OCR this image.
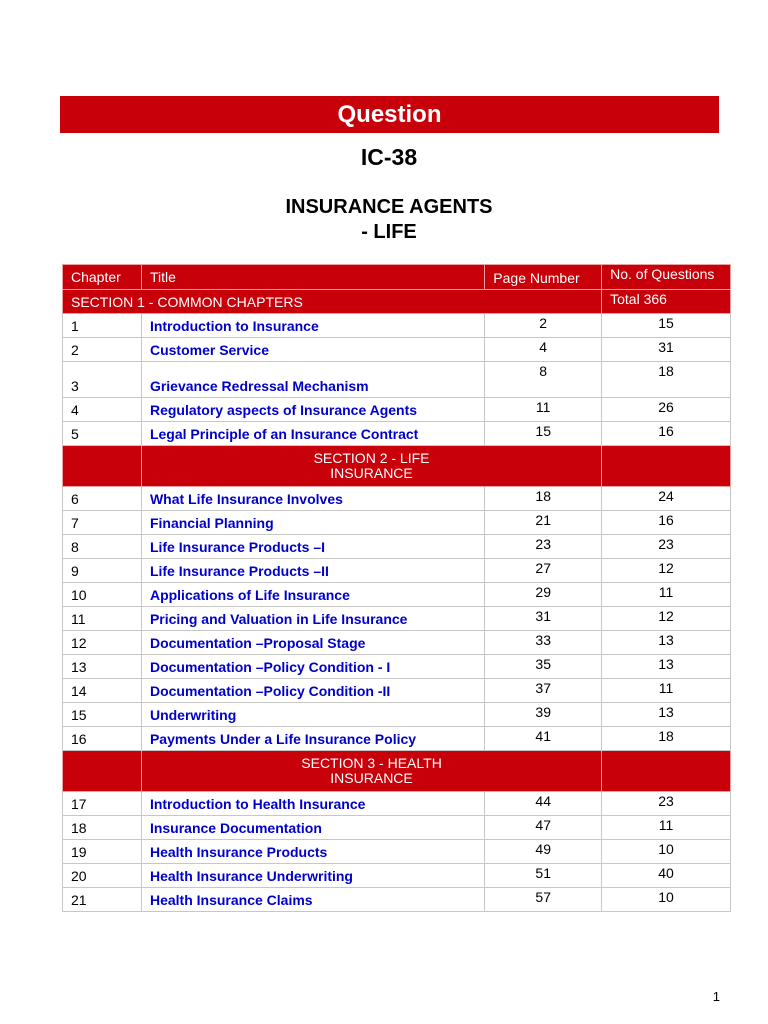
Question
IC-38
INSURANCE AGENTS
- LIFE
Chapter	Title	Page Number	No. of Questions
SECTION 1 - COMMON CHAPTERS			Total 366
1	Introduction to Insurance	2	15
2	Customer Service	4	31
3	Grievance Redressal Mechanism	8	18
4	Regulatory aspects of Insurance Agents	11	26
5	Legal Principle of an Insurance Contract	15	16

	SECTION 2 - LIFE
INSURANCE		

6	What Life Insurance Involves	18	24
7	Financial Planning	21	16
8	Life Insurance Products –I	23	23
9	Life Insurance Products –II	27	12
10	Applications of Life Insurance	29	11
11	Pricing and Valuation in Life Insurance	31	12
12	Documentation –Proposal Stage	33	13
13	Documentation –Policy Condition - I	35	13
14	Documentation –Policy Condition -II	37	11
15	Underwriting	39	13
16	Payments Under a Life Insurance Policy	41	18

	SECTION 3 - HEALTH
INSURANCE		

17	Introduction to Health Insurance	44	23
18	Insurance Documentation	47	11
19	Health Insurance Products	49	10
20	Health Insurance Underwriting	51	40
21	Health Insurance Claims	57	10
1
